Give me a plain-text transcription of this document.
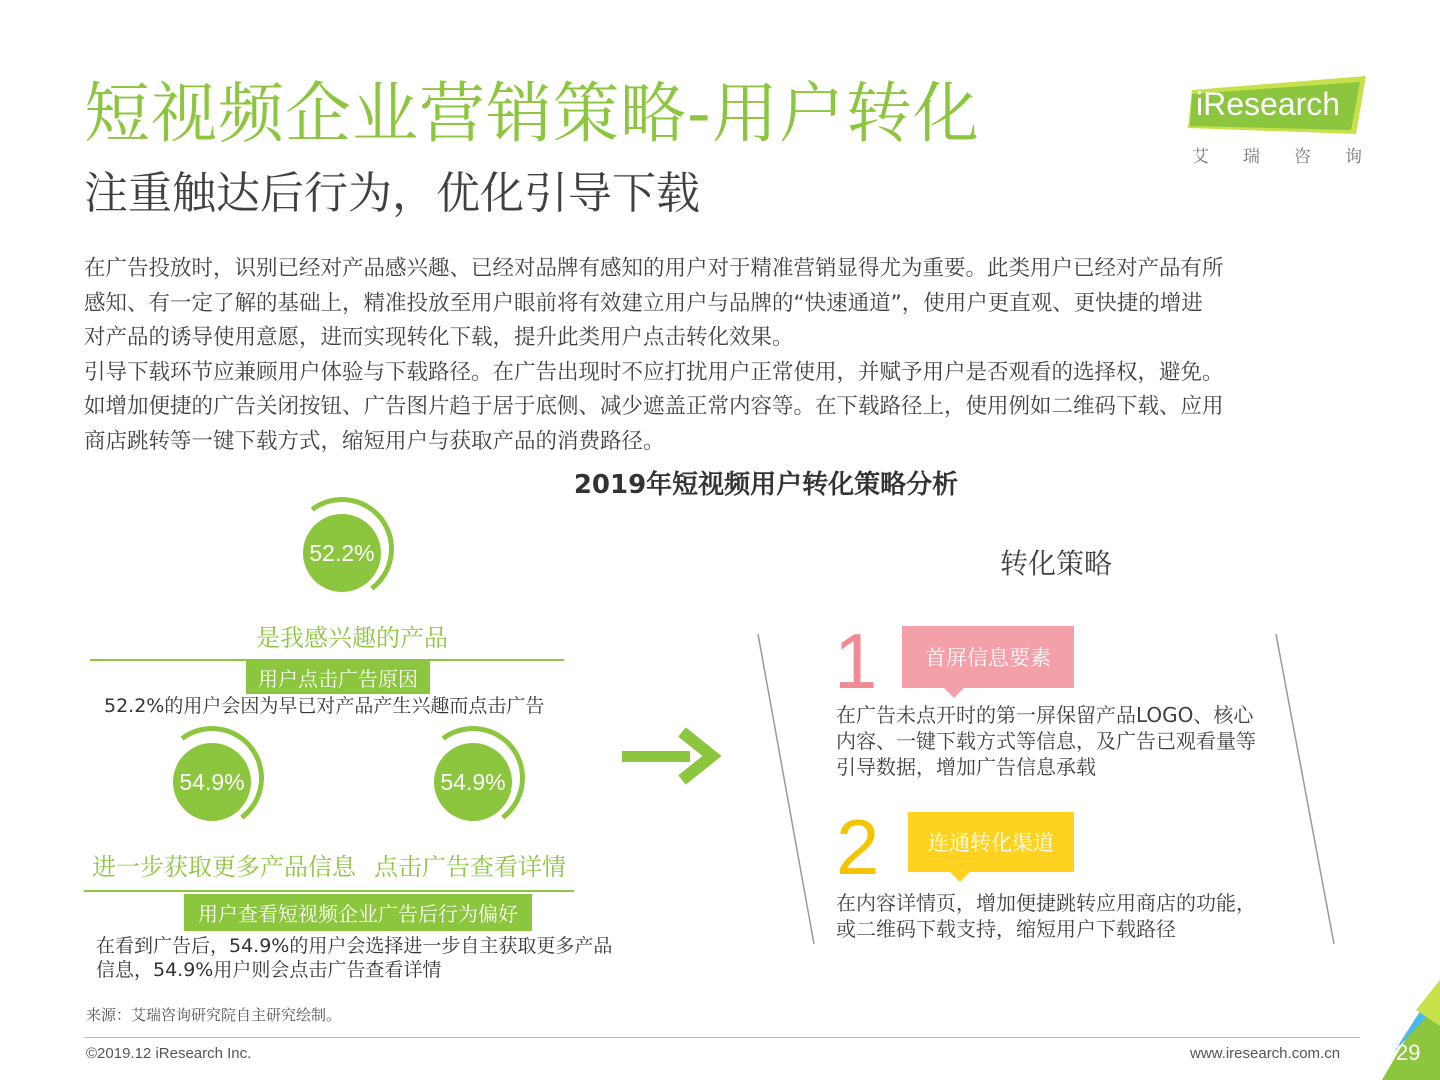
短视频企业营销策略-用户转化
注重触达后行为，优化引导下载
iResearch
艾瑞咨询

在广告投放时，识别已经对产品感兴趣、已经对品牌有感知的用户对于精准营销显得尤为重要。此类用户已经对产品有所

感知、有一定了解的基础上，精准投放至用户眼前将有效建立用户与品牌的“快速通道”，使用户更直观、更快捷的增进

对产品的诱导使用意愿，进而实现转化下载，提升此类用户点击转化效果。

引导下载环节应兼顾用户体验与下载路径。在广告出现时不应打扰用户正常使用，并赋予用户是否观看的选择权，避免。

如增加便捷的广告关闭按钮、广告图片趋于居于底侧、减少遮盖正常内容等。在下载路径上，使用例如二维码下载、应用

商店跳转等一键下载方式，缩短用户与获取产品的消费路径。

2019年短视频用户转化策略分析
52.2%
是我感兴趣的产品
用户点击广告原因
52.2%的用户会因为早已对产品产生兴趣而点击广告
54.9%	54.9%
进一步获取更多产品信息 点击广告查看详情
用户查看短视频企业广告后行为偏好
在看到广告后，54.9%的用户会选择进一步自主获取更多产品
信息，54.9%用户则会点击广告查看详情
转化策略
1 首屏信息要素
在广告未点开时的第一屏保留产品LOGO、核心
内容、一键下载方式等信息，及广告已观看量等
引导数据，增加广告信息承载
2 连通转化渠道
在内容详情页，增加便捷跳转应用商店的功能，
或二维码下载支持，缩短用户下载路径
来源：艾瑞咨询研究院自主研究绘制。
©2019.12 iResearch Inc.	www.iresearch.com.cn	29
